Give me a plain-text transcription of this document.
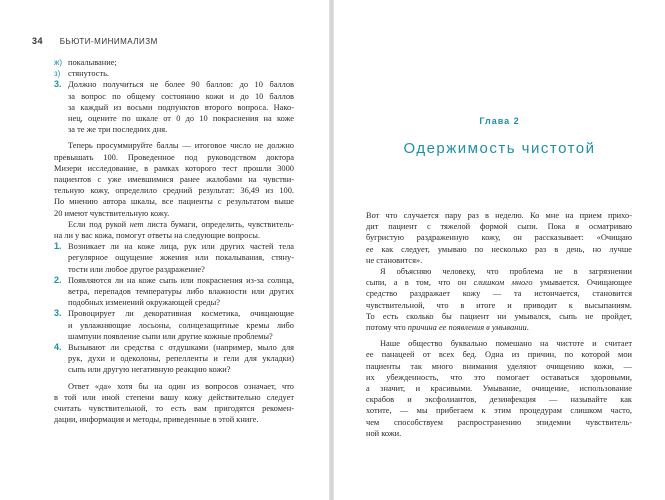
34 БЬЮТИ-МИНИМАЛИЗМ
ж) покалывание;
з) стянутость.
3. Должно получиться не более 90 баллов: до 10 баллов
за вопрос по общему состоянию кожи и до 10 баллов
за каждый из восьми подпунктов второго вопроса. Нако-
нец, оцените по шкале от 0 до 10 покраснения на коже
за те же три последних дня.
Теперь просуммируйте баллы — итоговое число не должно
превышать 100. Проведенное под руководством доктора
Мизери исследование, в рамках которого тест прошли 3000
пациентов с уже имевшимися ранее жалобами на чувстви-
тельную кожу, определило средний результат: 36,49 из 100.
По мнению автора шкалы, все пациенты с результатом выше
20 имеют чувствительную кожу.
Если под рукой нет листа бумаги, определить, чувствитель-
на ли у вас кожа, помогут ответы на следующие вопросы.
1. Возникает ли на коже лица, рук или других частей тела
регулярное ощущение жжения или покалывания, стяну-
тости или любое другое раздражение?
2. Появляются ли на коже сыпь или покраснения из-за солнца,
ветра, перепадов температуры либо влажности или других
подобных изменений окружающей среды?
3. Провоцирует ли декоративная косметика, очищающие
и увлажняющие лосьоны, солнцезащитные кремы либо
шампуни появление сыпи или другие кожные проблемы?
4. Вызывают ли средства с отдушками (например, мыло для
рук, духи и одеколоны, репелленты и гели для укладки)
сыпь или другую негативную реакцию кожи?
Ответ «да» хотя бы на один из вопросов означает, что
в той или иной степени вашу кожу действительно следует
считать чувствительной, то есть вам пригодятся рекомен-
дации, информация и методы, приведенные в этой книге.
Глава 2
Одержимость чистотой
Вот что случается пару раз в неделю. Ко мне на прием прихо-
дит пациент с тяжелой формой сыпи. Пока я осматриваю
бугристую раздраженную кожу, он рассказывает: «Очищаю
ее как следует, умываю по несколько раз в день, но лучше
не становится».
Я объясняю человеку, что проблема не в загрязнении
сыпи, а в том, что он слишком много умывается. Очищающее
средство раздражает кожу — та истончается, становится
чувствительной, что в итоге и приводит к высыпаниям.
То есть сколько бы пациент ни умывался, сыпь не пройдет,
потому что причина ее появления в умывании.
Наше общество буквально помешано на чистоте и считает
ее панацеей от всех бед. Одна из причин, по которой мои
пациенты так много внимания уделяют очищению кожи, —
их убежденность, что это помогает оставаться здоровыми,
а значит, и красивыми. Умывание, очищение, использование
скрабов и эксфолиантов, дезинфекция — называйте как
хотите, — мы прибегаем к этим процедурам слишком часто,
чем способствуем распространению эпидемии чувствитель-
ной кожи.
